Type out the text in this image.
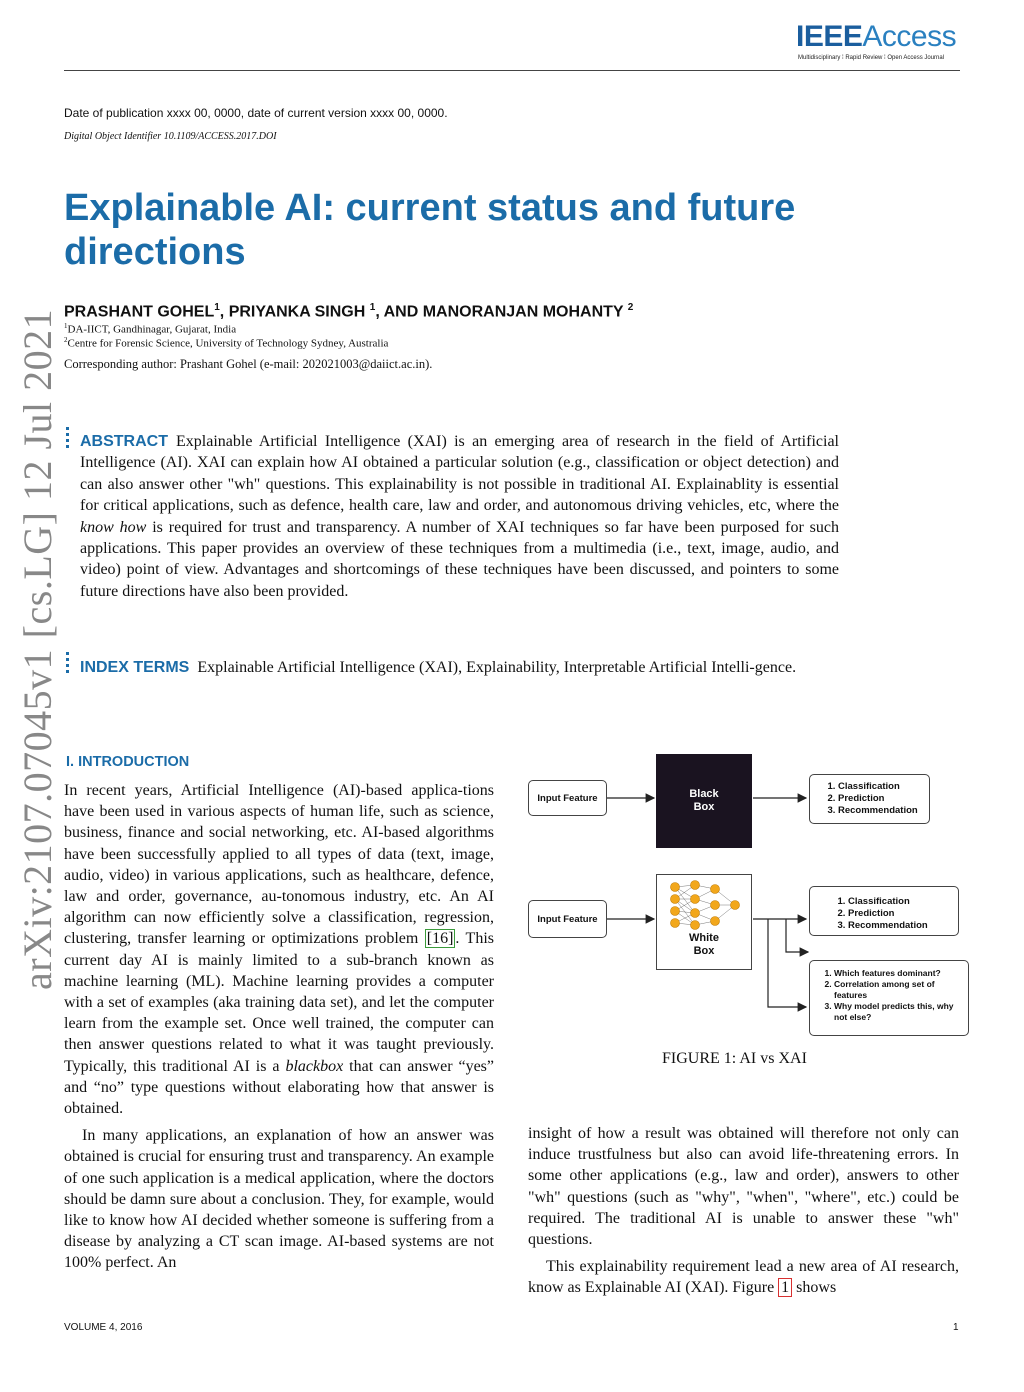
IEEEAccess
Multidisciplinary ⁞ Rapid Review ⁞ Open Access Journal
Date of publication xxxx 00, 0000, date of current version xxxx 00, 0000.
Digital Object Identifier 10.1109/ACCESS.2017.DOI
Explainable AI: current status and future directions
PRASHANT GOHEL$^1$, PRIYANKA SINGH $^1$, AND MANORANJAN MOHANTY $^2$
$^1$DA-IICT, Gandhinagar, Gujarat, India
$^2$Centre for Forensic Science, University of Technology Sydney, Australia
Corresponding author: Prashant Gohel (e-mail: 202021003@daiict.ac.in).
arXiv:2107.07045v1 [cs.LG] 12 Jul 2021 ABSTRACT Explainable Artificial Intelligence (XAI) is an emerging area of research in the field of Artificial Intelligence (AI). XAI can explain how AI obtained a particular solution (e.g., classification or object detection) and can also answer other "wh" questions. This explainability is not possible in traditional AI. Explainablity is essential for critical applications, such as defence, health care, law and order, and autonomous driving vehicles, etc, where the know how is required for trust and transparency. A number of XAI techniques so far have been purposed for such applications. This paper provides an overview of these techniques from a multimedia (i.e., text, image, audio, and video) point of view. Advantages and shortcomings of these techniques have been discussed, and pointers to some future directions have also been provided.
INDEX TERMS Explainable Artificial Intelligence (XAI), Explainability, Interpretable Artificial Intelli-gence.
I. INTRODUCTION

In recent years, Artificial Intelligence (AI)-based applica-tions have been used in various aspects of human life, such as science, business, finance and social networking, etc. AI-based algorithms have been successfully applied to all types of data (text, image, audio, video) in various applications, such as healthcare, defence, law and order, governance, au-tonomous industry, etc. An AI algorithm can now efficiently solve a classification, regression, clustering, transfer learning or optimizations problem [16] . This current day AI is mainly limited to a sub-branch known as machine learning (ML). Machine learning provides a computer with a set of examples (aka training data set), and let the computer learn from the example set. Once well trained, the computer can then answer questions related to what it was taught previously. Typically, this traditional AI is a blackbox that can answer “yes” and “no” type questions without elaborating how that answer is obtained.

In many applications, an explanation of how an answer was obtained is crucial for ensuring trust and transparency. An example of one such application is a medical application, where the doctors should be damn sure about a conclusion. They, for example, would like to know how AI decided whether someone is suffering from a disease by analyzing a CT scan image. AI-based systems are not 100% perfect. An

insight of how a result was obtained will therefore not only can induce trustfulness but also can avoid life-threatening errors. In some other applications (e.g., law and order), answers to other "wh" questions (such as "why", "when", "where", etc.) could be required. The traditional AI is unable to answer these "wh" questions.

This explainability requirement lead a new area of AI research, know as Explainable AI (XAI). Figure 1 shows

Input Feature
Input Feature
Black
Box
White
Box
1. Classification
2. Prediction
3. Recommendation
1. Classification
2. Prediction
3. Recommendation
1. Which features dominant?
2. Correlation among set of features
3. Why model predicts this, why not else?
FIGURE 1: AI vs XAI
VOLUME 4, 2016	1
